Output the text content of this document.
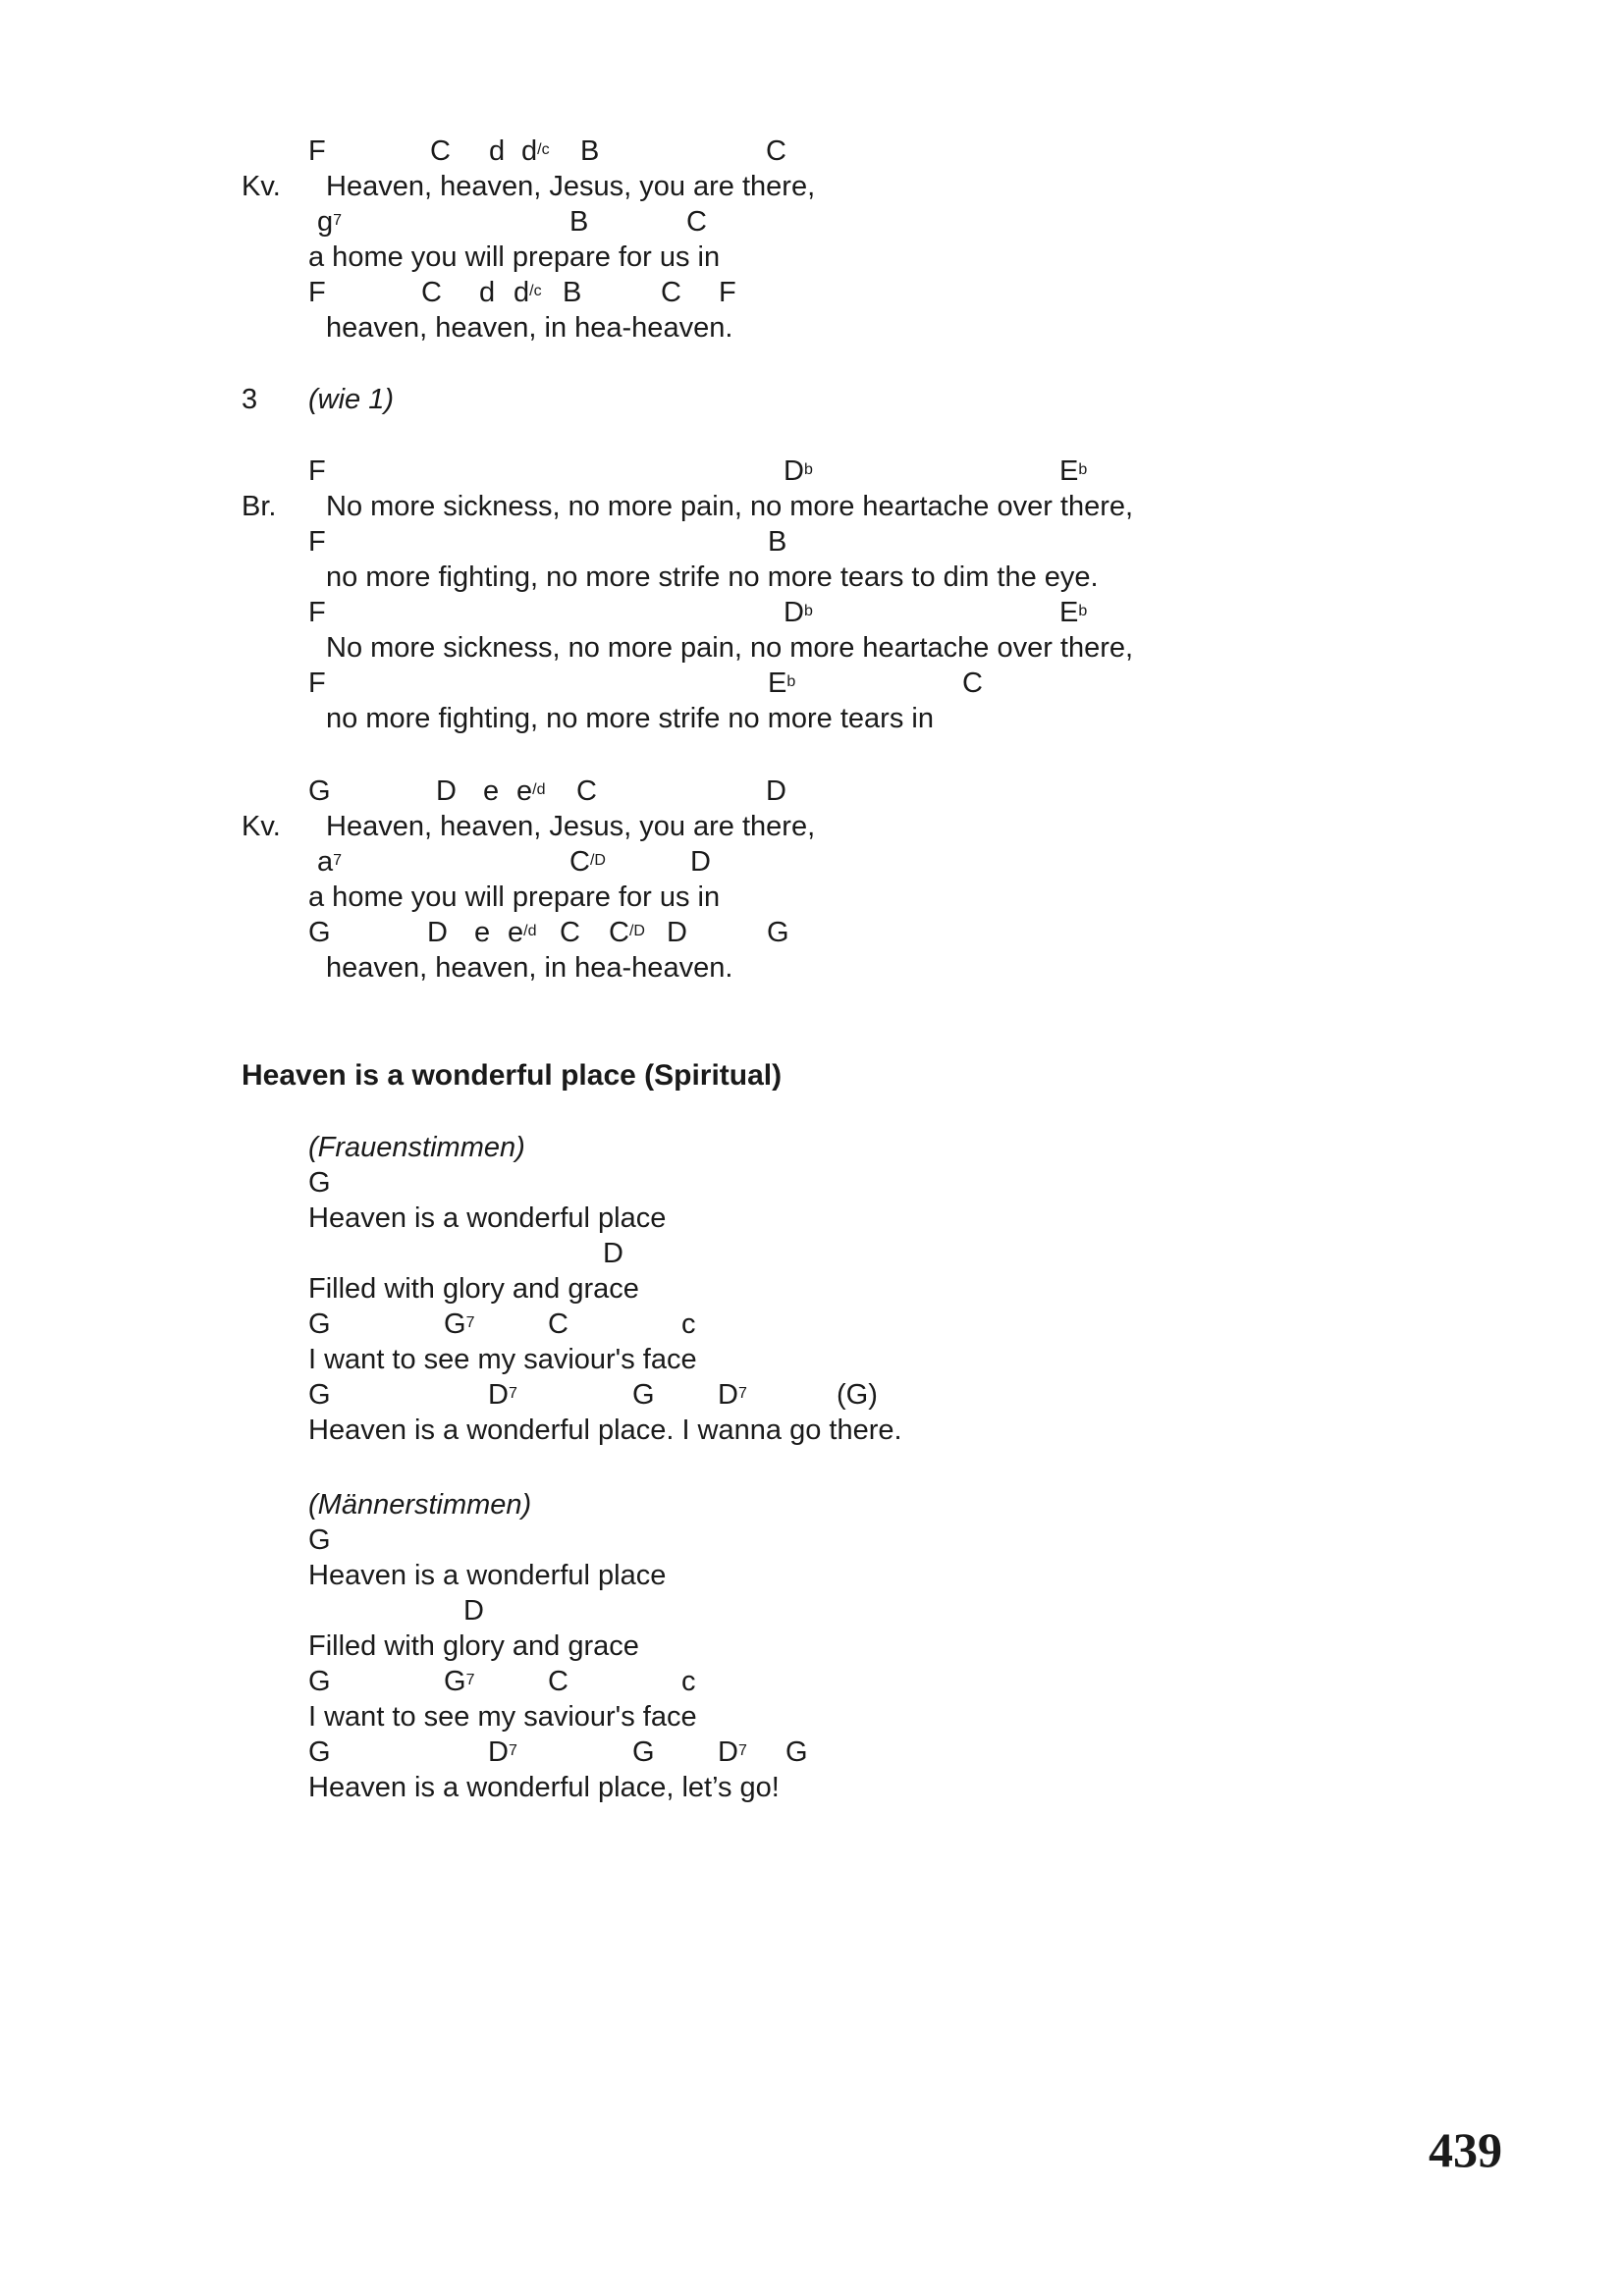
F	C d $d^{/c}$ B	C
Kv. Heaven, heaven, Jesus, you are there,
$g^7$	B	C
a home you will prepare for us in
F	C d $d^{/c}$ B	C F
heaven, heaven, in hea-heaven.
3 (wie 1)
F	$D^b$	$E^b$
Br. No more sickness, no more pain, no more heartache over there,
F	B
no more fighting, no more strife no more tears to dim the eye.
F	$D^b$	$E^b$
No more sickness, no more pain, no more heartache over there,
F	$E^b$	C
no more fighting, no more strife no more tears in
G	D e $e^{/d}$ C	D
Kv. Heaven, heaven, Jesus, you are there,
$a^7$	$C^{/D}$	D
a home you will prepare for us in
G	D e $e^{/d}$ C $C^{/D}$ D	G
heaven, heaven, in hea-heaven.
Heaven is a wonderful place (Spiritual)
(Frauenstimmen)
G
Heaven is a wonderful place
D
Filled with glory and grace
G	$G^7$	C	c
I want to see my saviour's face
G	$D^7$	G $D^7$	(G)
Heaven is a wonderful place. I wanna go there.
(Männerstimmen)
G
Heaven is a wonderful place
D
Filled with glory and grace
G	$G^7$	C	c
I want to see my saviour's face
G	$D^7$	G $D^7$ G
Heaven is a wonderful place, let’s go!
439
